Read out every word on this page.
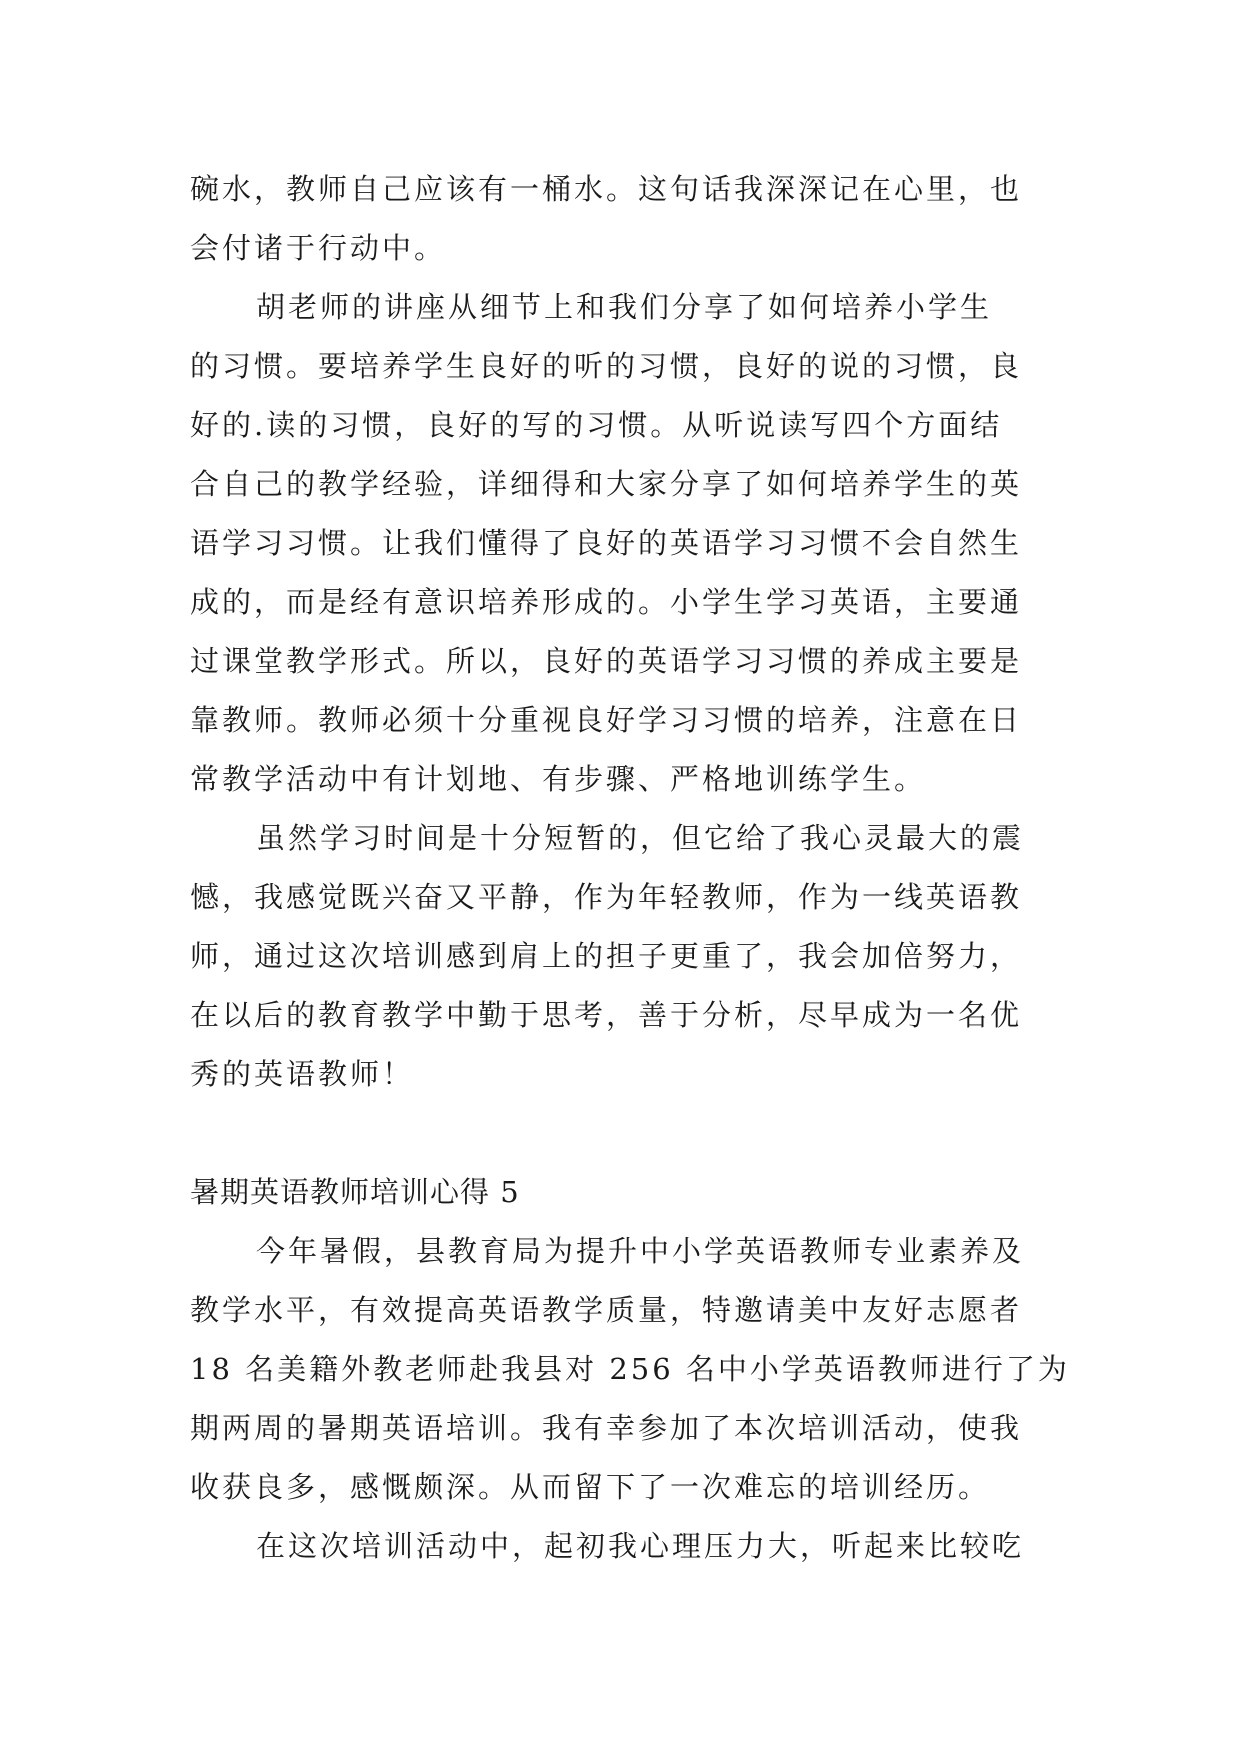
碗水，教师自己应该有一桶水。这句话我深深记在心里，也
会付诸于行动中。
胡老师的讲座从细节上和我们分享了如何培养小学生
的习惯。要培养学生良好的听的习惯，良好的说的习惯，良
好的.读的习惯，良好的写的习惯。从听说读写四个方面结
合自己的教学经验，详细得和大家分享了如何培养学生的英
语学习习惯。让我们懂得了良好的英语学习习惯不会自然生
成的，而是经有意识培养形成的。小学生学习英语，主要通
过课堂教学形式。所以，良好的英语学习习惯的养成主要是
靠教师。教师必须十分重视良好学习习惯的培养，注意在日
常教学活动中有计划地、有步骤、严格地训练学生。
虽然学习时间是十分短暂的，但它给了我心灵最大的震
憾，我感觉既兴奋又平静，作为年轻教师，作为一线英语教
师，通过这次培训感到肩上的担子更重了，我会加倍努力，
在以后的教育教学中勤于思考，善于分析，尽早成为一名优
秀的英语教师！
暑期英语教师培训心得 5
今年暑假，县教育局为提升中小学英语教师专业素养及
教学水平，有效提高英语教学质量，特邀请美中友好志愿者
18 名美籍外教老师赴我县对 256 名中小学英语教师进行了为
期两周的暑期英语培训。我有幸参加了本次培训活动，使我
收获良多，感慨颇深。从而留下了一次难忘的培训经历。
在这次培训活动中，起初我心理压力大，听起来比较吃
